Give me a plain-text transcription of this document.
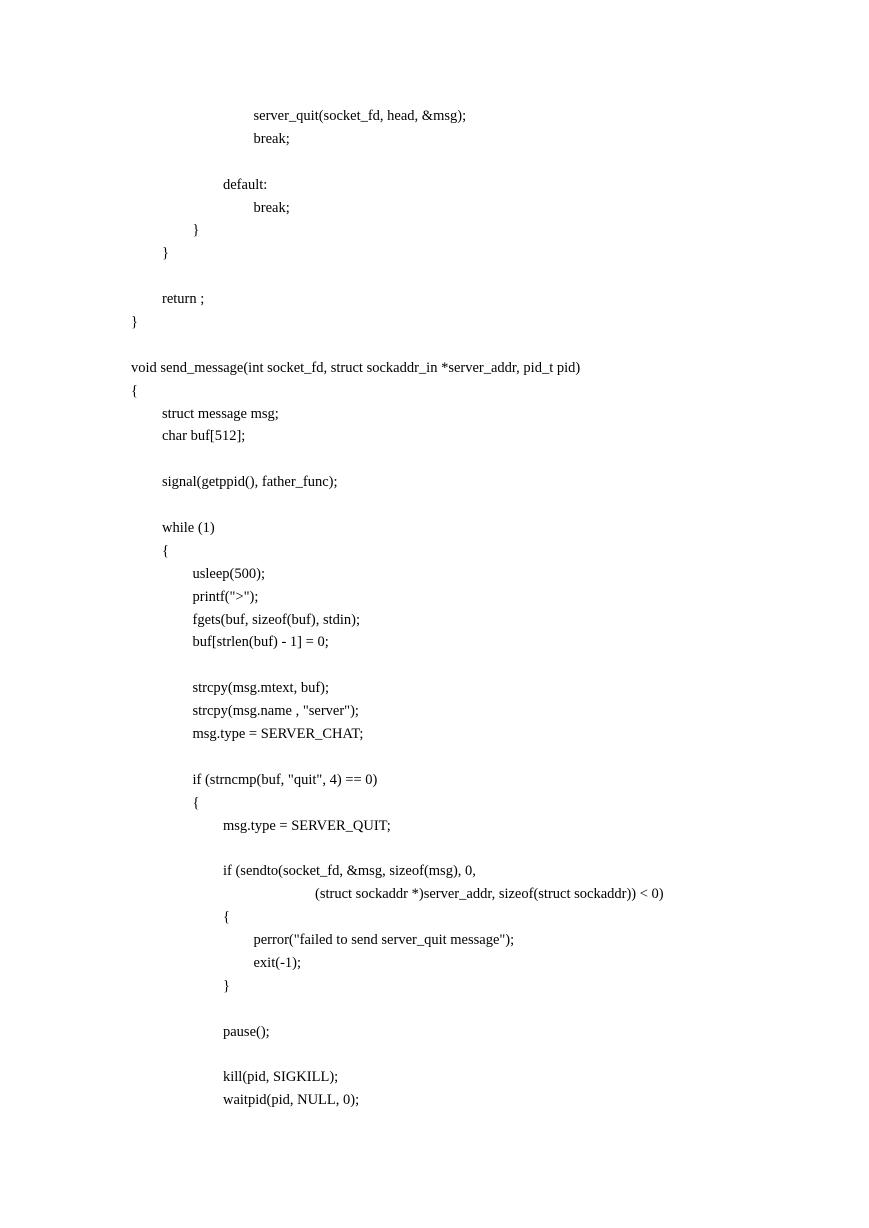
server_quit(socket_fd, head, &msg);
break;
default:
break;
}
}
return ;
}
void send_message(int socket_fd, struct sockaddr_in *server_addr, pid_t pid)
{
struct message msg;
char buf[512];
signal(getppid(), father_func);
while (1)
{
usleep(500);
printf(">");
fgets(buf, sizeof(buf), stdin);
buf[strlen(buf) - 1] = 0;
strcpy(msg.mtext, buf);
strcpy(msg.name , "server");
msg.type = SERVER_CHAT;
if (strncmp(buf, "quit", 4) == 0)
{
msg.type = SERVER_QUIT;
if (sendto(socket_fd, &msg, sizeof(msg), 0,
(struct sockaddr *)server_addr, sizeof(struct sockaddr)) < 0)
{
perror("failed to send server_quit message");
exit(-1);
}
pause();
kill(pid, SIGKILL);
waitpid(pid, NULL, 0);
